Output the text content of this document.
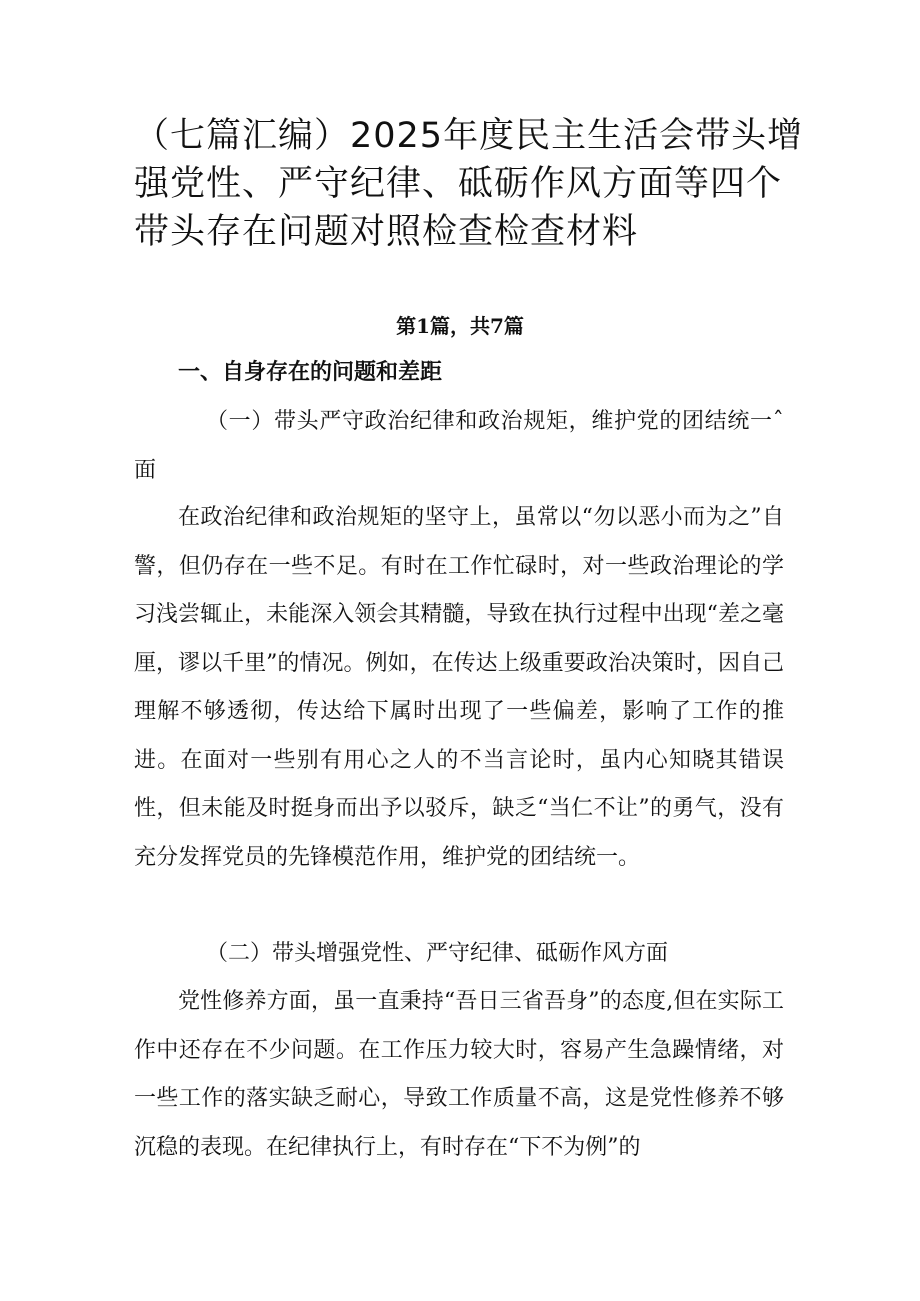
（七篇汇编）2025年度民主生活会带头增强党性、严守纪律、砥砺作风方面等四个带头存在问题对照检查检查材料
第1篇，共7篇
一、自身存在的问题和差距

（一）带头严守政治纪律和政治规矩，维护党的团结统一ˆ面

在政治纪律和政治规矩的坚守上，虽常以“勿以恶小而为之”自警，但仍存在一些不足。有时在工作忙碌时，对一些政治理论的学习浅尝辄止，未能深入领会其精髓，导致在执行过程中出现“差之毫厘，谬以千里”的情况。例如，在传达上级重要政治决策时，因自己理解不够透彻，传达给下属时出现了一些偏差，影响了工作的推进。在面对一些别有用心之人的不当言论时，虽内心知晓其错误性，但未能及时挺身而出予以驳斥，缺乏“当仁不让”的勇气，没有充分发挥党员的先锋模范作用，维护党的团结统一。

（二）带头增强党性、严守纪律、砥砺作风方面

党性修养方面，虽一直秉持“吾日三省吾身”的态度,但在实际工作中还存在不少问题。在工作压力较大时，容易产生急躁情绪，对一些工作的落实缺乏耐心，导致工作质量不高，这是党性修养不够沉稳的表现。在纪律执行上，有时存在“下不为例”的
